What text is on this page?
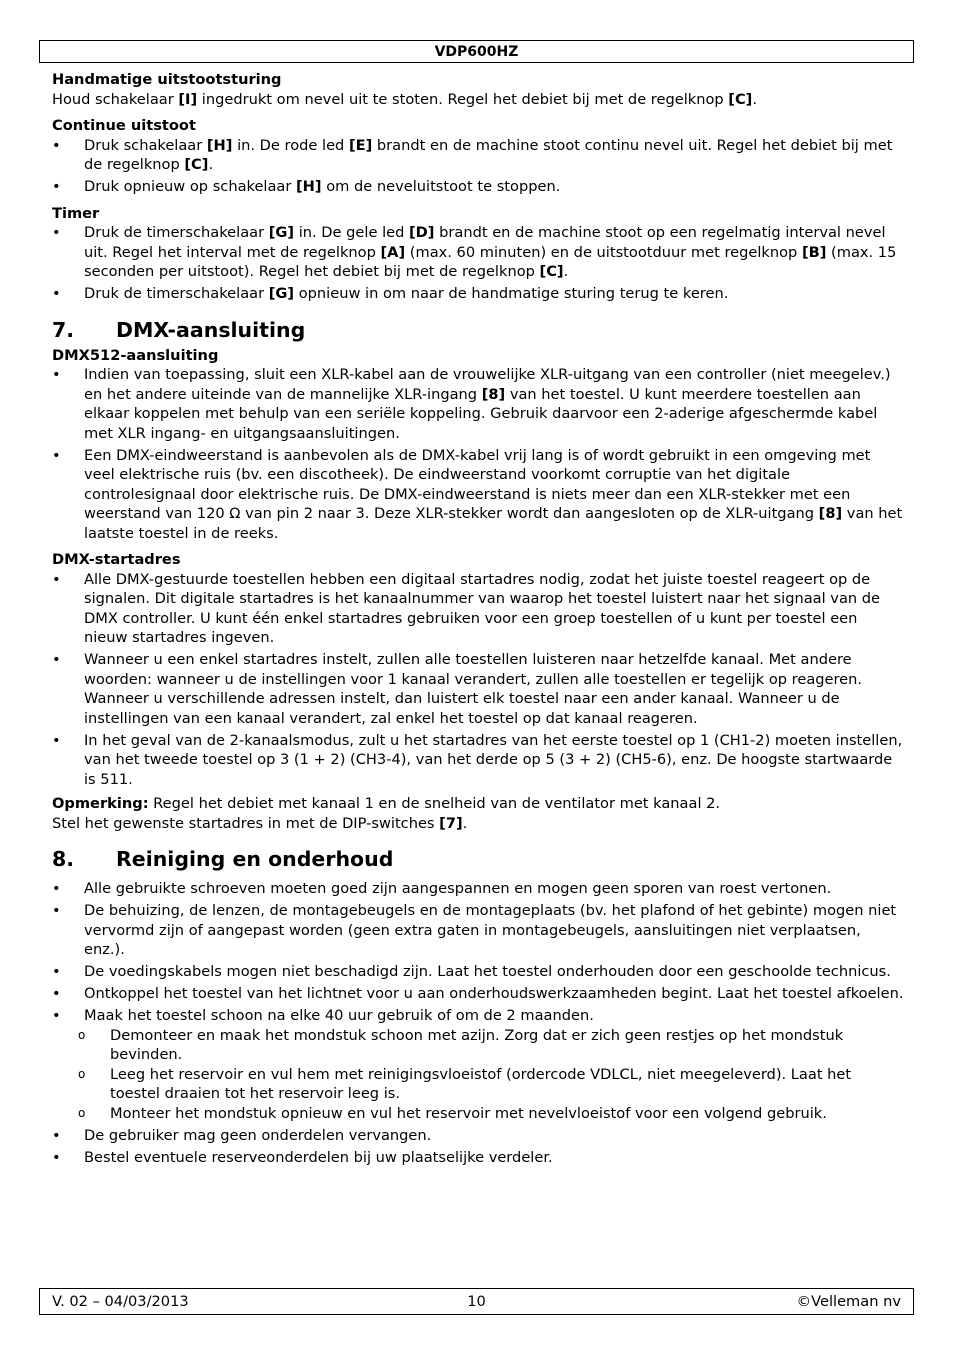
VDP600HZ
Handmatige uitstootsturing

Houd schakelaar [I] ingedrukt om nevel uit te stoten. Regel het debiet bij met de regelknop [C].

Continue uitstoot
• Druk schakelaar [H] in. De rode led [E] brandt en de machine stoot continu nevel uit. Regel het debiet bij met de regelknop [C].
• Druk opnieuw op schakelaar [H] om de neveluitstoot te stoppen.
Timer
• Druk de timerschakelaar [G] in. De gele led [D] brandt en de machine stoot op een regelmatig interval nevel uit. Regel het interval met de regelknop [A] (max. 60 minuten) en de uitstootduur met regelknop [B] (max. 15 seconden per uitstoot). Regel het debiet bij met de regelknop [C].
• Druk de timerschakelaar [G] opnieuw in om naar de handmatige sturing terug te keren.
7. DMX-aansluiting
DMX512-aansluiting
• Indien van toepassing, sluit een XLR-kabel aan de vrouwelijke XLR-uitgang van een controller (niet meegelev.) en het andere uiteinde van de mannelijke XLR-ingang [8] van het toestel. U kunt meerdere toestellen aan elkaar koppelen met behulp van een seriële koppeling. Gebruik daarvoor een 2-aderige afgeschermde kabel met XLR ingang- en uitgangsaansluitingen.
• Een DMX-eindweerstand is aanbevolen als de DMX-kabel vrij lang is of wordt gebruikt in een omgeving met veel elektrische ruis (bv. een discotheek). De eindweerstand voorkomt corruptie van het digitale controlesignaal door elektrische ruis. De DMX-eindweerstand is niets meer dan een XLR-stekker met een weerstand van 120 Ω van pin 2 naar 3. Deze XLR-stekker wordt dan aangesloten op de XLR-uitgang [8] van het laatste toestel in de reeks.
DMX-startadres
• Alle DMX-gestuurde toestellen hebben een digitaal startadres nodig, zodat het juiste toestel reageert op de signalen. Dit digitale startadres is het kanaalnummer van waarop het toestel luistert naar het signaal van de DMX controller. U kunt één enkel startadres gebruiken voor een groep toestellen of u kunt per toestel een nieuw startadres ingeven.
• Wanneer u een enkel startadres instelt, zullen alle toestellen luisteren naar hetzelfde kanaal. Met andere woorden: wanneer u de instellingen voor 1 kanaal verandert, zullen alle toestellen er tegelijk op reageren. Wanneer u verschillende adressen instelt, dan luistert elk toestel naar een ander kanaal. Wanneer u de instellingen van een kanaal verandert, zal enkel het toestel op dat kanaal reageren.
• In het geval van de 2-kanaalsmodus, zult u het startadres van het eerste toestel op 1 (CH1-2) moeten instellen, van het tweede toestel op 3 (1 + 2) (CH3-4), van het derde op 5 (3 + 2) (CH5-6), enz. De hoogste startwaarde is 511.

Opmerking: Regel het debiet met kanaal 1 en de snelheid van de ventilator met kanaal 2.

Stel het gewenste startadres in met de DIP-switches [7].

8. Reiniging en onderhoud
• Alle gebruikte schroeven moeten goed zijn aangespannen en mogen geen sporen van roest vertonen.
• De behuizing, de lenzen, de montagebeugels en de montageplaats (bv. het plafond of het gebinte) mogen niet vervormd zijn of aangepast worden (geen extra gaten in montagebeugels, aansluitingen niet verplaatsen, enz.).
• De voedingskabels mogen niet beschadigd zijn. Laat het toestel onderhouden door een geschoolde technicus.
• Ontkoppel het toestel van het lichtnet voor u aan onderhoudswerkzaamheden begint. Laat het toestel afkoelen.
• Maak het toestel schoon na elke 40 uur gebruik of om de 2 maanden.
o Demonteer en maak het mondstuk schoon met azijn. Zorg dat er zich geen restjes op het mondstuk bevinden.
o Leeg het reservoir en vul hem met reinigingsvloeistof (ordercode VDLCL, niet meegeleverd). Laat het toestel draaien tot het reservoir leeg is.
o Monteer het mondstuk opnieuw en vul het reservoir met nevelvloeistof voor een volgend gebruik.
• De gebruiker mag geen onderdelen vervangen.
• Bestel eventuele reserveonderdelen bij uw plaatselijke verdeler.
V. 02 – 04/03/2013	10	©Velleman nv
